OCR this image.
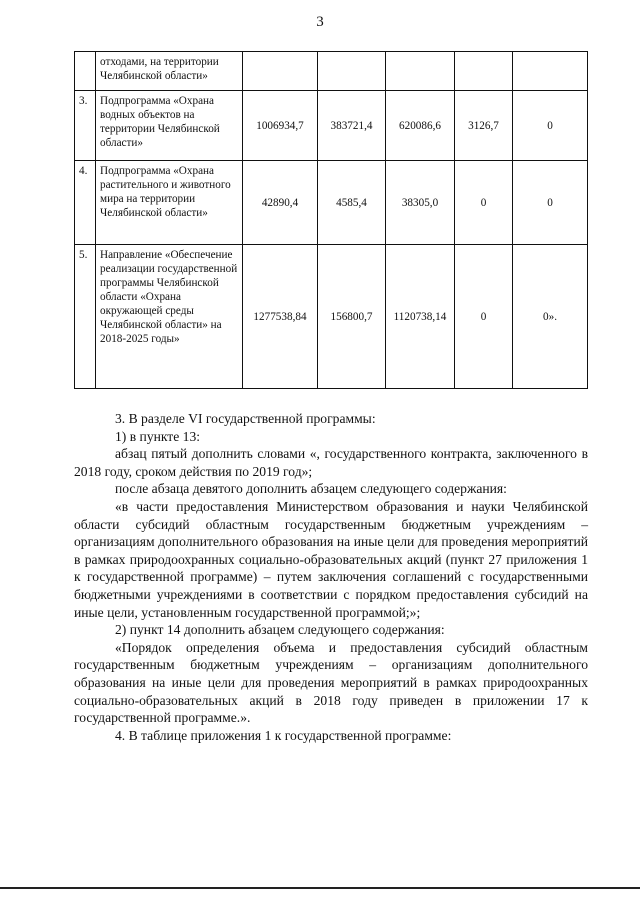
3
	отходами, на территории Челябинской области»					
3.	Подпрограмма «Охрана водных объектов на территории Челябинской области»	1006934,7	383721,4	620086,6	3126,7	0
4.	Подпрограмма «Охрана растительного и животного мира на территории Челябинской области»	42890,4	4585,4	38305,0	0	0
5.	Направление «Обеспечение реализации государственной программы Челябинской области «Охрана окружающей среды Челябинской области» на 2018-2025 годы»	1277538,84	156800,7	1120738,14	0	0».

3. В разделе VI государственной программы:

1) в пункте 13:

абзац пятый дополнить словами «, государственного контракта, заключенного в 2018 году, сроком действия по 2019 год»;

после абзаца девятого дополнить абзацем следующего содержания:

«в части предоставления Министерством образования и науки Челябинской области субсидий областным государственным бюджетным учреждениям – организациям дополнительного образования на иные цели для проведения мероприятий в рамках природоохранных социально-образовательных акций (пункт 27 приложения 1 к государственной программе) – путем заключения соглашений с государственными бюджетными учреждениями в соответствии с порядком предоставления субсидий на иные цели, установленным государственной программой;»;

2) пункт 14 дополнить абзацем следующего содержания:

«Порядок определения объема и предоставления субсидий областным государственным бюджетным учреждениям – организациям дополнительного образования на иные цели для проведения мероприятий в рамках природоохранных социально-образовательных акций в 2018 году приведен в приложении 17 к государственной программе.».

4. В таблице приложения 1 к государственной программе:
